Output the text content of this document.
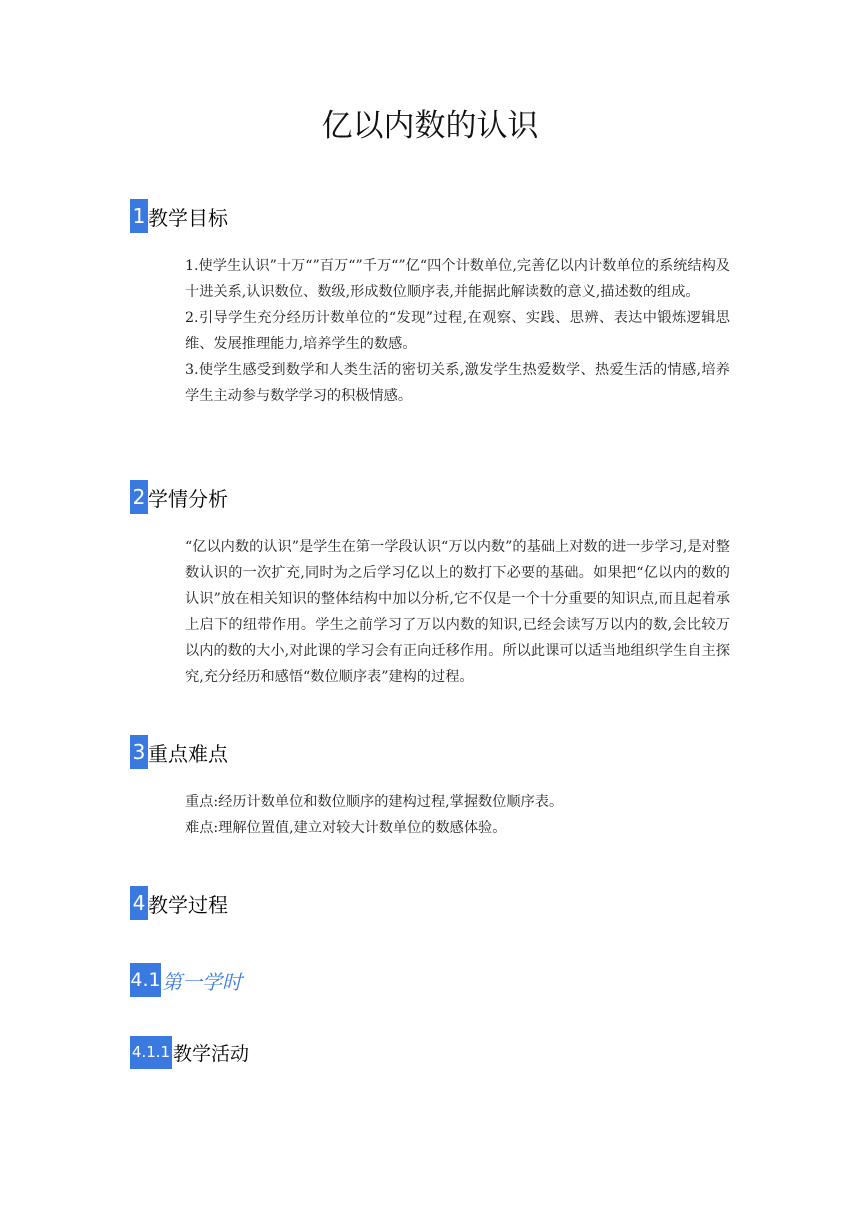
亿以内数的认识
1 教学目标

1.使学生认识”十万“”百万“”千万“”亿“四个计数单位,完善亿以内计数单位的系统结构及十进关系,认识数位、数级,形成数位顺序表,并能据此解读数的意义,描述数的组成。

2.引导学生充分经历计数单位的“发现”过程,在观察、实践、思辨、表达中锻炼逻辑思维、发展推理能力,培养学生的数感。

3.使学生感受到数学和人类生活的密切关系,激发学生热爱数学、热爱生活的情感,培养学生主动参与数学学习的积极情感。

2 学情分析

“亿以内数的认识”是学生在第一学段认识“万以内数”的基础上对数的进一步学习,是对整数认识的一次扩充,同时为之后学习亿以上的数打下必要的基础。如果把“亿以内的数的认识”放在相关知识的整体结构中加以分析,它不仅是一个十分重要的知识点,而且起着承上启下的纽带作用。学生之前学习了万以内数的知识,已经会读写万以内的数,会比较万以内的数的大小,对此课的学习会有正向迁移作用。所以此课可以适当地组织学生自主探究,充分经历和感悟“数位顺序表”建构的过程。

3 重点难点

重点:经历计数单位和数位顺序的建构过程,掌握数位顺序表。

难点:理解位置值,建立对较大计数单位的数感体验。

4 教学过程
4.1 第一学时
4.1.1 教学活动
